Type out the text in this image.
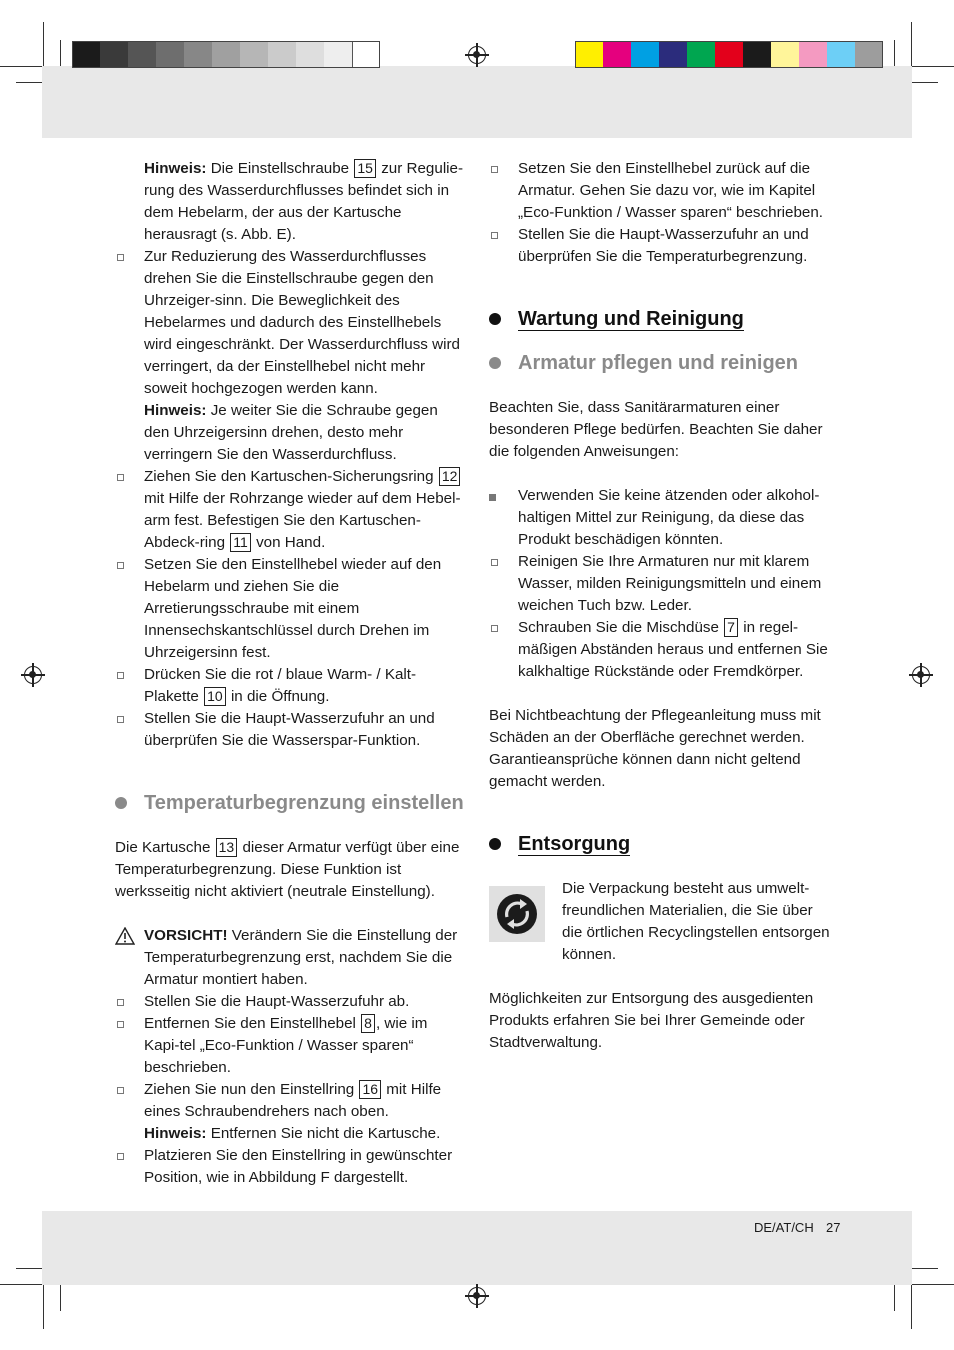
Hinweis: Die Einstellschraube 15 zur Regulie-rung des Wasserdurchflusses befindet sich in dem Hebelarm, der aus der Kartusche herausragt (s. Abb. E).

Zur Reduzierung des Wasserdurchflusses drehen Sie die Einstellschraube gegen den Uhrzeiger-sinn. Die Beweglichkeit des Hebelarmes und dadurch des Einstellhebels wird eingeschränkt. Der Wasserdurchfluss wird verringert, da der Einstellhebel nicht mehr soweit hochgezogen werden kann.

Hinweis: Je weiter Sie die Schraube gegen den Uhrzeigersinn drehen, desto mehr verringern Sie den Wasserdurchfluss.

Ziehen Sie den Kartuschen-Sicherungsring 12 mit Hilfe der Rohrzange wieder auf dem Hebel-arm fest. Befestigen Sie den Kartuschen-Abdeck-ring 11 von Hand.

Setzen Sie den Einstellhebel wieder auf den Hebelarm und ziehen Sie die Arretierungsschraube mit einem Innensechskantschlüssel durch Drehen im Uhrzeigersinn fest.

Drücken Sie die rot / blaue Warm- / Kalt-Plakette 10 in die Öffnung.

Stellen Sie die Haupt-Wasserzufuhr an und überprüfen Sie die Wasserspar-Funktion.

Temperaturbegrenzung einstellen

Die Kartusche 13 dieser Armatur verfügt über eine Temperaturbegrenzung. Diese Funktion ist werksseitig nicht aktiviert (neutrale Einstellung).

VORSICHT! Verändern Sie die Einstellung der Temperaturbegrenzung erst, nachdem Sie die Armatur montiert haben.

Stellen Sie die Haupt-Wasserzufuhr ab.

Entfernen Sie den Einstellhebel 8 , wie im Kapi-tel „Eco-Funktion / Wasser sparen“ beschrieben.

Ziehen Sie nun den Einstellring 16 mit Hilfe eines Schraubendrehers nach oben.

Hinweis: Entfernen Sie nicht die Kartusche.

Platzieren Sie den Einstellring in gewünschter Position, wie in Abbildung F dargestellt.

Setzen Sie den Einstellhebel zurück auf die Armatur. Gehen Sie dazu vor, wie im Kapitel „Eco-Funktion / Wasser sparen“ beschrieben.

Stellen Sie die Haupt-Wasserzufuhr an und überprüfen Sie die Temperaturbegrenzung.

Wartung und Reinigung
Armatur pflegen und reinigen

Beachten Sie, dass Sanitärarmaturen einer besonderen Pflege bedürfen. Beachten Sie daher die folgenden Anweisungen:

Verwenden Sie keine ätzenden oder alkohol-haltigen Mittel zur Reinigung, da diese das Produkt beschädigen könnten.

Reinigen Sie Ihre Armaturen nur mit klarem Wasser, milden Reinigungsmitteln und einem weichen Tuch bzw. Leder.

Schrauben Sie die Mischdüse 7 in regel-mäßigen Abständen heraus und entfernen Sie kalkhaltige Rückstände oder Fremdkörper.

Bei Nichtbeachtung der Pflegeanleitung muss mit Schäden an der Oberfläche gerechnet werden. Garantieansprüche können dann nicht geltend gemacht werden.

Entsorgung

Die Verpackung besteht aus umwelt-freundlichen Materialien, die Sie über die örtlichen Recyclingstellen entsorgen können.

Möglichkeiten zur Entsorgung des ausgedienten Produkts erfahren Sie bei Ihrer Gemeinde oder Stadtverwaltung.

DE/AT/CH 27
